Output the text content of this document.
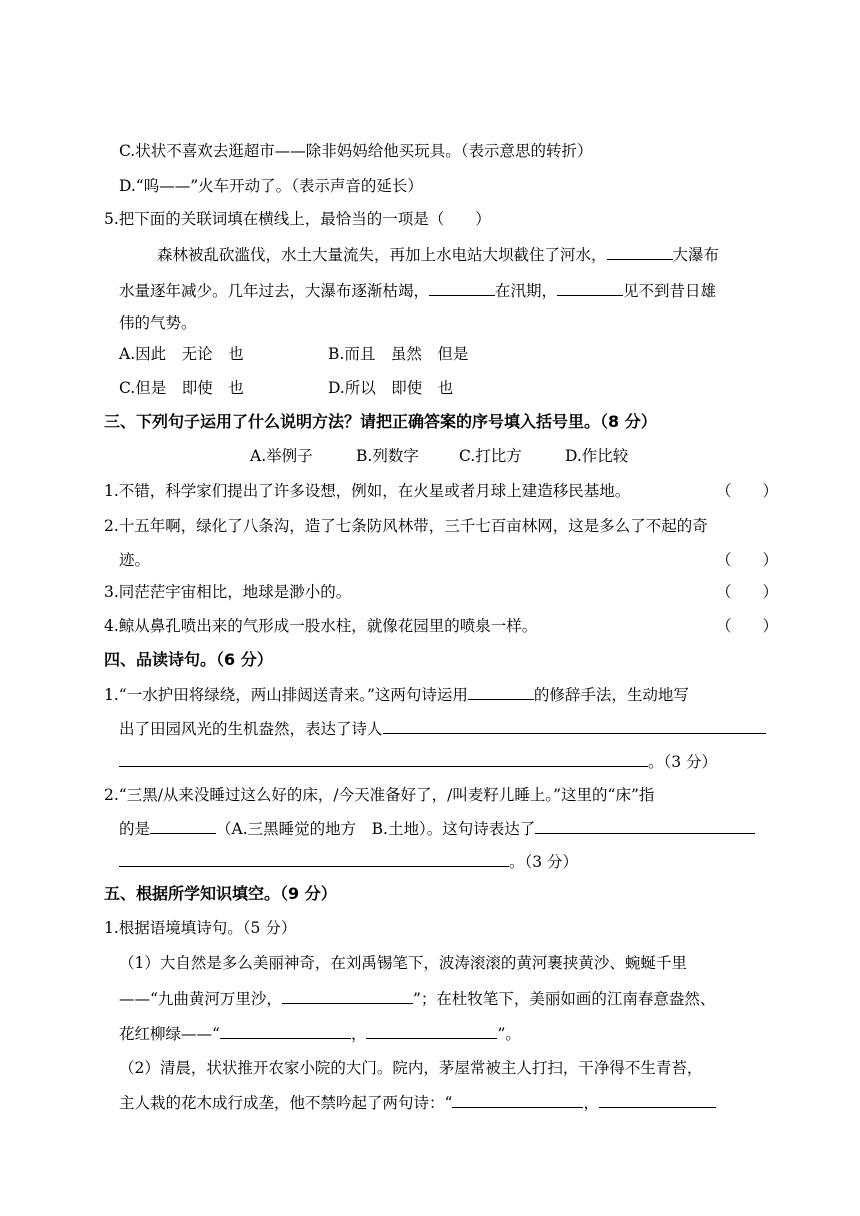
C.状状不喜欢去逛超市——除非妈妈给他买玩具。（表示意思的转折）
D.“呜——”火车开动了。（表示声音的延长）
5.把下面的关联词填在横线上，最恰当的一项是（　　）
森林被乱砍滥伐，水土大量流失，再加上水电站大坝截住了河水，	大瀑布
水量逐年减少。几年过去，大瀑布逐渐枯竭，	在汛期，	见不到昔日雄
伟的气势。
A.因此　无论　也	B.而且　虽然　但是
C.但是　即使　也	D.所以　即使　也
三、下列句子运用了什么说明方法？请把正确答案的序号填入括号里。（8 分）
A.举例子	B.列数字	C.打比方	D.作比较
1.不错，科学家们提出了许多设想，例如，在火星或者月球上建造移民基地。	（　　）
2.十五年啊，绿化了八条沟，造了七条防风林带，三千七百亩林网，这是多么了不起的奇
迹。	（　　）
3.同茫茫宇宙相比，地球是渺小的。	（　　）
4.鲸从鼻孔喷出来的气形成一股水柱，就像花园里的喷泉一样。	（　　）
四、品读诗句。（6 分）
1.“一水护田将绿绕，两山排闼送青来。”这两句诗运用	的修辞手法，生动地写
出了田园风光的生机盎然，表达了诗人
。（3 分）
2.“三黑/从来没睡过这么好的床，/今天准备好了，/叫麦籽儿睡上。”这里的“床”指
的是	（A.三黑睡觉的地方　B.土地）。这句诗表达了
。（3 分）
五、根据所学知识填空。（9 分）
1.根据语境填诗句。（5 分）
（1）大自然是多么美丽神奇，在刘禹锡笔下，波涛滚滚的黄河裹挟黄沙、蜿蜒千里
——“九曲黄河万里沙，	”；在杜牧笔下，美丽如画的江南春意盎然、
花红柳绿——“	，	”。
（2）清晨，状状推开农家小院的大门。院内，茅屋常被主人打扫，干净得不生青苔，
主人栽的花木成行成垄，他不禁吟起了两句诗：“	，
